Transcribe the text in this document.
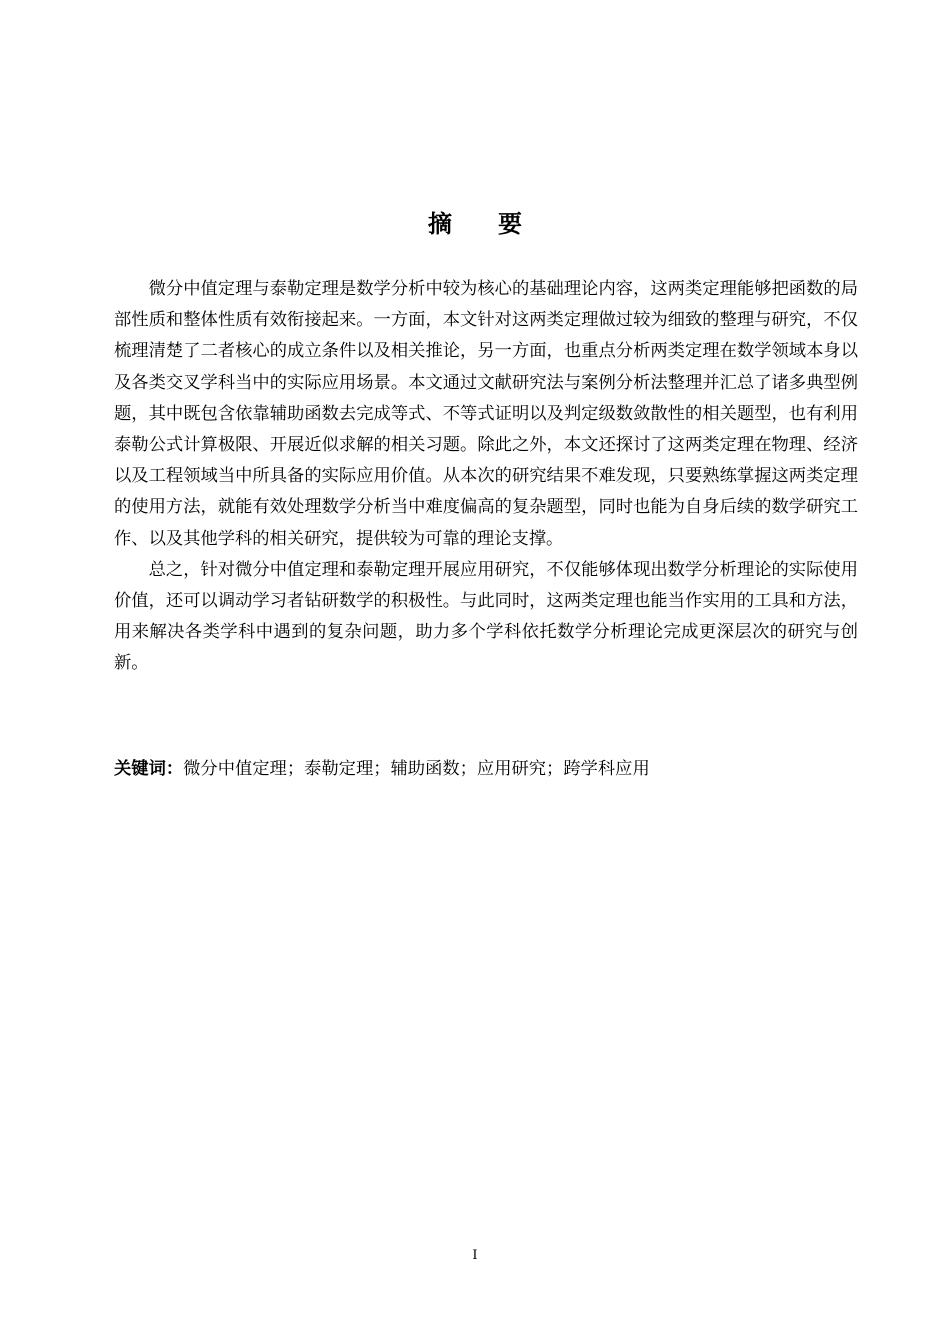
摘 要

微分中值定理与泰勒定理是数学分析中较为核心的基础理论内容，这两类定理能够把函数的局部性质和整体性质有效衔接起来。一方面，本文针对这两类定理做过较为细致的整理与研究，不仅梳理清楚了二者核心的成立条件以及相关推论，另一方面，也重点分析两类定理在数学领域本身以及各类交叉学科当中的实际应用场景。本文通过文献研究法与案例分析法整理并汇总了诸多典型例题，其中既包含依靠辅助函数去完成等式、不等式证明以及判定级数敛散性的相关题型，也有利用泰勒公式计算极限、开展近似求解的相关习题。除此之外，本文还探讨了这两类定理在物理、经济以及工程领域当中所具备的实际应用价值。从本次的研究结果不难发现，只要熟练掌握这两类定理的使用方法，就能有效处理数学分析当中难度偏高的复杂题型，同时也能为自身后续的数学研究工作、以及其他学科的相关研究，提供较为可靠的理论支撑。

总之，针对微分中值定理和泰勒定理开展应用研究，不仅能够体现出数学分析理论的实际使用价值，还可以调动学习者钻研数学的积极性。与此同时，这两类定理也能当作实用的工具和方法，用来解决各类学科中遇到的复杂问题，助力多个学科依托数学分析理论完成更深层次的研究与创新。

关键词：微分中值定理；泰勒定理；辅助函数；应用研究；跨学科应用
I
